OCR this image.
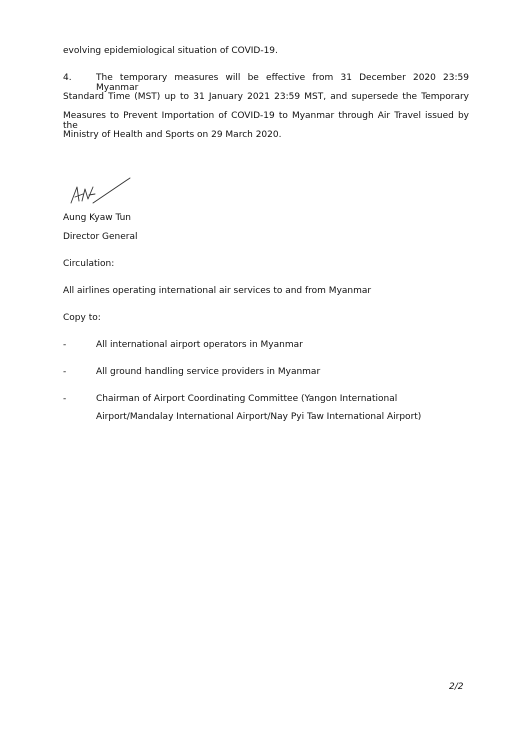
evolving epidemiological situation of COVID-19.
4.	The temporary measures will be effective from 31 December 2020 23:59 Myanmar
Standard Time (MST) up to 31 January 2021 23:59 MST, and supersede the Temporary
Measures to Prevent Importation of COVID-19 to Myanmar through Air Travel issued by the
Ministry of Health and Sports on 29 March 2020.
Aung Kyaw Tun
Director General
Circulation:
All airlines operating international air services to and from Myanmar
Copy to:
-	All international airport operators in Myanmar
-	All ground handling service providers in Myanmar
-	Chairman of Airport Coordinating Committee (Yangon International
Airport/Mandalay International Airport/Nay Pyi Taw International Airport)
2/2
